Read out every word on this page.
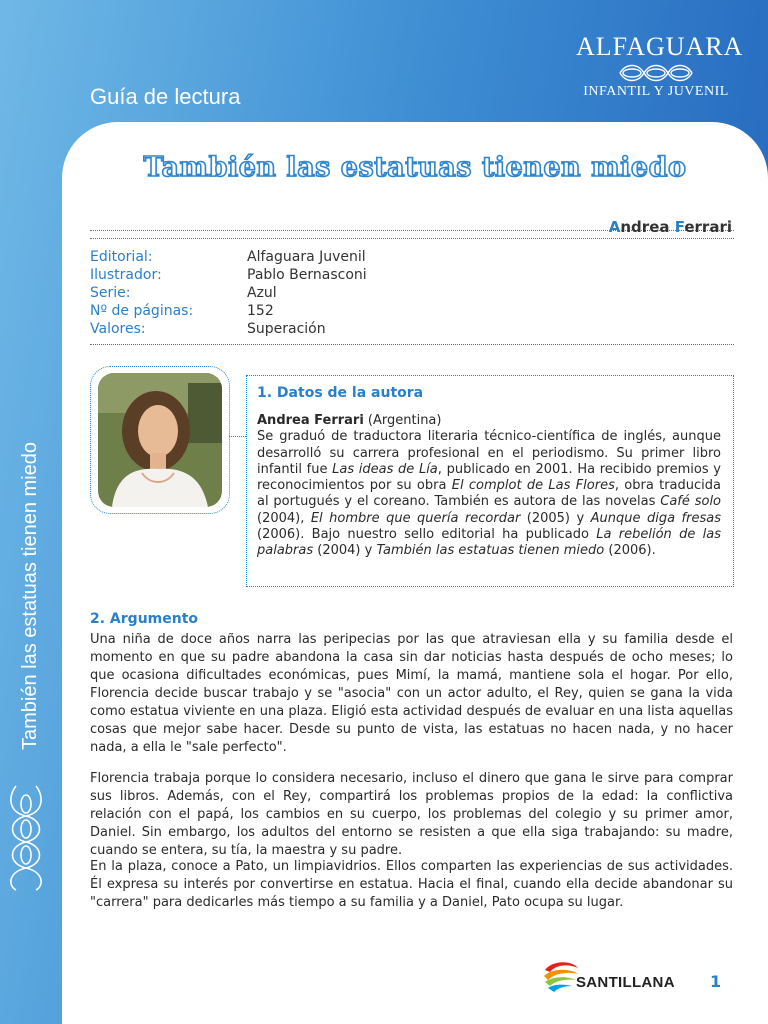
Guía de lectura
ALFAGUARA
INFANTIL Y JUVENIL
También las estatuas tienen miedo
También las estatuas tienen miedo
Andrea Ferrari
Editorial:	Alfaguara Juvenil
Ilustrador:	Pablo Bernasconi
Serie:	Azul
Nº de páginas:	152
Valores:	Superación
1. Datos de la autora
Andrea Ferrari (Argentina)
Se graduó de traductora literaria técnico-científica de inglés, aunque desarrolló su carrera profesional en el periodismo. Su primer libro infantil fue Las ideas de Lía, publicado en 2001. Ha recibido premios y reconocimientos por su obra El complot de Las Flores, obra traducida al portugués y el coreano. También es autora de las novelas Café solo (2004), El hombre que quería recordar (2005) y Aunque diga fresas (2006). Bajo nuestro sello editorial ha publicado La rebelión de las palabras (2004) y También las estatuas tienen miedo (2006).
2. Argumento
Una niña de doce años narra las peripecias por las que atraviesan ella y su familia desde el momento en que su padre abandona la casa sin dar noticias hasta después de ocho meses; lo que ocasiona dificultades económicas, pues Mimí, la mamá, mantiene sola el hogar. Por ello, Florencia decide buscar trabajo y se "asocia" con un actor adulto, el Rey, quien se gana la vida como estatua viviente en una plaza. Eligió esta actividad después de evaluar en una lista aquellas cosas que mejor sabe hacer. Desde su punto de vista, las estatuas no hacen nada, y no hacer nada, a ella le "sale perfecto".
Florencia trabaja porque lo considera necesario, incluso el dinero que gana le sirve para comprar sus libros. Además, con el Rey, compartirá los problemas propios de la edad: la conflictiva relación con el papá, los cambios en su cuerpo, los problemas del colegio y su primer amor, Daniel. Sin embargo, los adultos del entorno se resisten a que ella siga trabajando: su madre, cuando se entera, su tía, la maestra y su padre.
En la plaza, conoce a Pato, un limpiavidrios. Ellos comparten las experiencias de sus actividades. Él expresa su interés por convertirse en estatua. Hacia el final, cuando ella decide abandonar su "carrera" para dedicarles más tiempo a su familia y a Daniel, Pato ocupa su lugar.
SANTILLANA 1
